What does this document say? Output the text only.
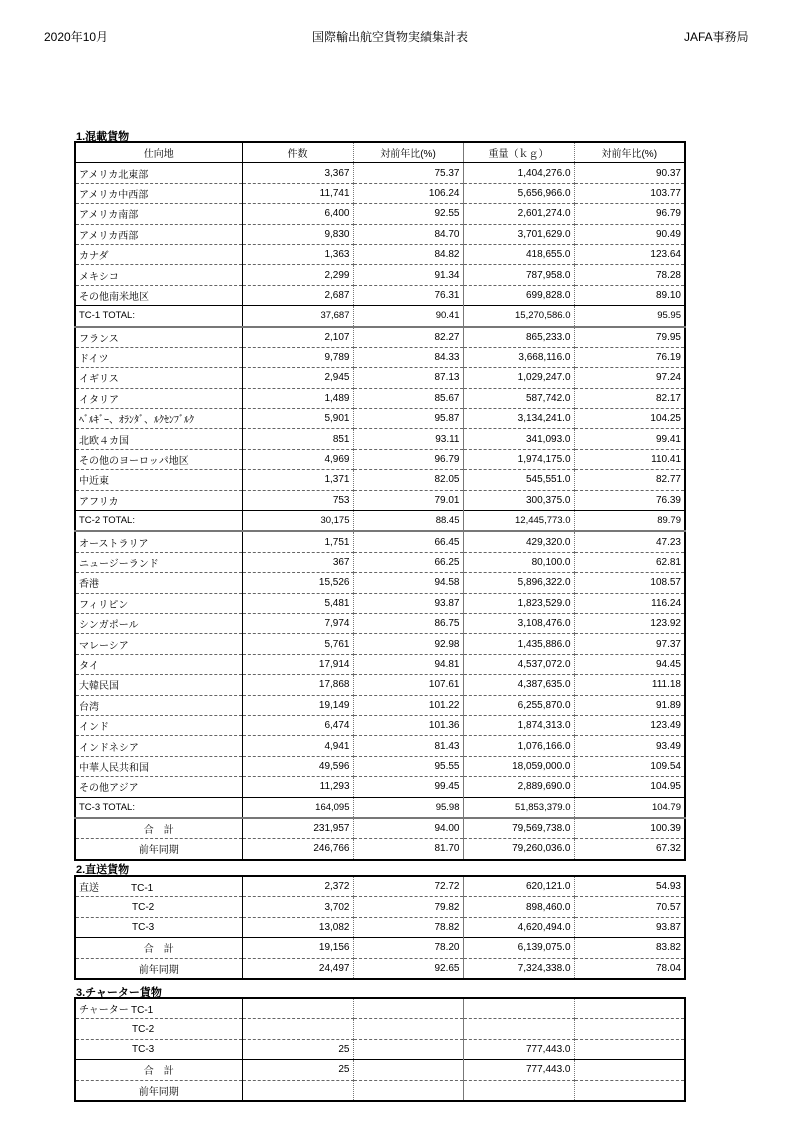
2020年10月	国際輸出航空貨物実績集計表	JAFA事務局
1.混載貨物
仕向地	件数	対前年比(%)	重量（ｋｇ）	対前年比(%)
アメリカ北東部	3,367	75.37	1,404,276.0	90.37
アメリカ中西部	11,741	106.24	5,656,966.0	103.77
アメリカ南部	6,400	92.55	2,601,274.0	96.79
アメリカ西部	9,830	84.70	3,701,629.0	90.49
カナダ	1,363	84.82	418,655.0	123.64
メキシコ	2,299	91.34	787,958.0	78.28
その他南米地区	2,687	76.31	699,828.0	89.10
TC-1 TOTAL:	37,687	90.41	15,270,586.0	95.95
フランス	2,107	82.27	865,233.0	79.95
ドイツ	9,789	84.33	3,668,116.0	76.19
イギリス	2,945	87.13	1,029,247.0	97.24
イタリア	1,489	85.67	587,742.0	82.17
ﾍﾞﾙｷﾞｰ、ｵﾗﾝﾀﾞ、ﾙｸｾﾝﾌﾞﾙｸ	5,901	95.87	3,134,241.0	104.25
北欧４カ国	851	93.11	341,093.0	99.41
その他のヨーロッパ地区	4,969	96.79	1,974,175.0	110.41
中近東	1,371	82.05	545,551.0	82.77
アフリカ	753	79.01	300,375.0	76.39
TC-2 TOTAL:	30,175	88.45	12,445,773.0	89.79
オーストラリア	1,751	66.45	429,320.0	47.23
ニュージーランド	367	66.25	80,100.0	62.81
香港	15,526	94.58	5,896,322.0	108.57
フィリピン	5,481	93.87	1,823,529.0	116.24
シンガポール	7,974	86.75	3,108,476.0	123.92
マレーシア	5,761	92.98	1,435,886.0	97.37
タイ	17,914	94.81	4,537,072.0	94.45
大韓民国	17,868	107.61	4,387,635.0	111.18
台湾	19,149	101.22	6,255,870.0	91.89
インド	6,474	101.36	1,874,313.0	123.49
インドネシア	4,941	81.43	1,076,166.0	93.49
中華人民共和国	49,596	95.55	18,059,000.0	109.54
その他アジア	11,293	99.45	2,889,690.0	104.95
TC-3 TOTAL:	164,095	95.98	51,853,379.0	104.79
合　計	231,957	94.00	79,569,738.0	100.39
前年同期	246,766	81.70	79,260,036.0	67.32
2.直送貨物
直送 TC-1	2,372	72.72	620,121.0	54.93
TC-2	3,702	79.82	898,460.0	70.57
TC-3	13,082	78.82	4,620,494.0	93.87
合　計	19,156	78.20	6,139,075.0	83.82
前年同期	24,497	92.65	7,324,338.0	78.04
3.チャーター貨物
チャーター TC-1				
TC-2				
TC-3	25		777,443.0	
合　計	25		777,443.0	
前年同期				
